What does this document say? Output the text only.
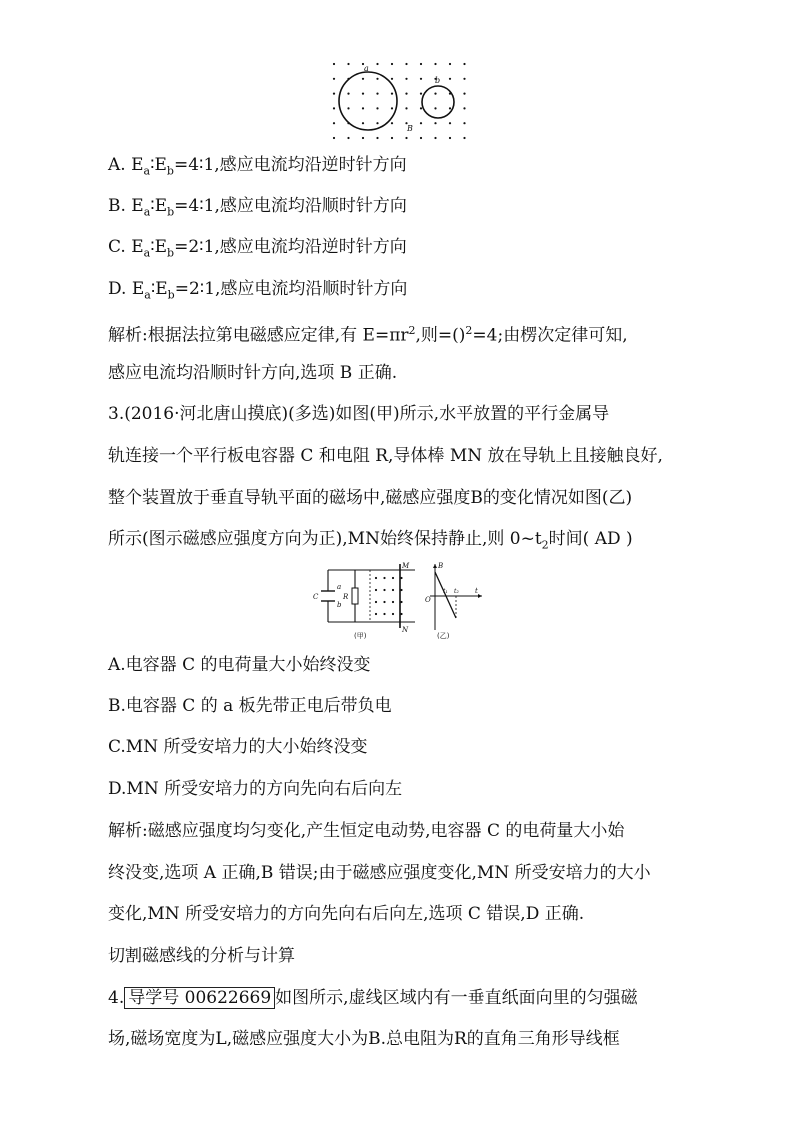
a
b
B
A. $E_a∶E_b=4∶1$,感应电流均沿逆时针方向
B. $E_a∶E_b=4∶1$,感应电流均沿顺时针方向
C. $E_a∶E_b=2∶1$,感应电流均沿逆时针方向
D. $E_a∶E_b=2∶1$,感应电流均沿顺时针方向
解析:根据法拉第电磁感应定律,有 $E=\pi r^2$,则=()$^2$=4;由楞次定律可知,
感应电流均沿顺时针方向,选项 B 正确.
3.(2016·河北唐山摸底)(多选)如图(甲)所示,水平放置的平行金属导
轨连接一个平行板电容器 C 和电阻 R,导体棒 MN 放在导轨上且接触良好,
整个装置放于垂直导轨平面的磁场中,磁感应强度B的变化情况如图(乙)
所示(图示磁感应强度方向为正),MN始终保持静止,则 $0\sim t_2$时间( AD )
C
a
b
R
M
N
(甲)
B
O
t₁ t₂ t
(乙)
A.电容器 C 的电荷量大小始终没变
B.电容器 C 的 a 板先带正电后带负电
C.MN 所受安培力的大小始终没变
D.MN 所受安培力的方向先向右后向左
解析:磁感应强度均匀变化,产生恒定电动势,电容器 C 的电荷量大小始
终没变,选项 A 正确,B 错误;由于磁感应强度变化,MN 所受安培力的大小
变化,MN 所受安培力的方向先向右后向左,选项 C 错误,D 正确.
切割磁感线的分析与计算
4. 导学号 00622669 如图所示,虚线区域内有一垂直纸面向里的匀强磁
场,磁场宽度为L,磁感应强度大小为B.总电阻为R的直角三角形导线框
